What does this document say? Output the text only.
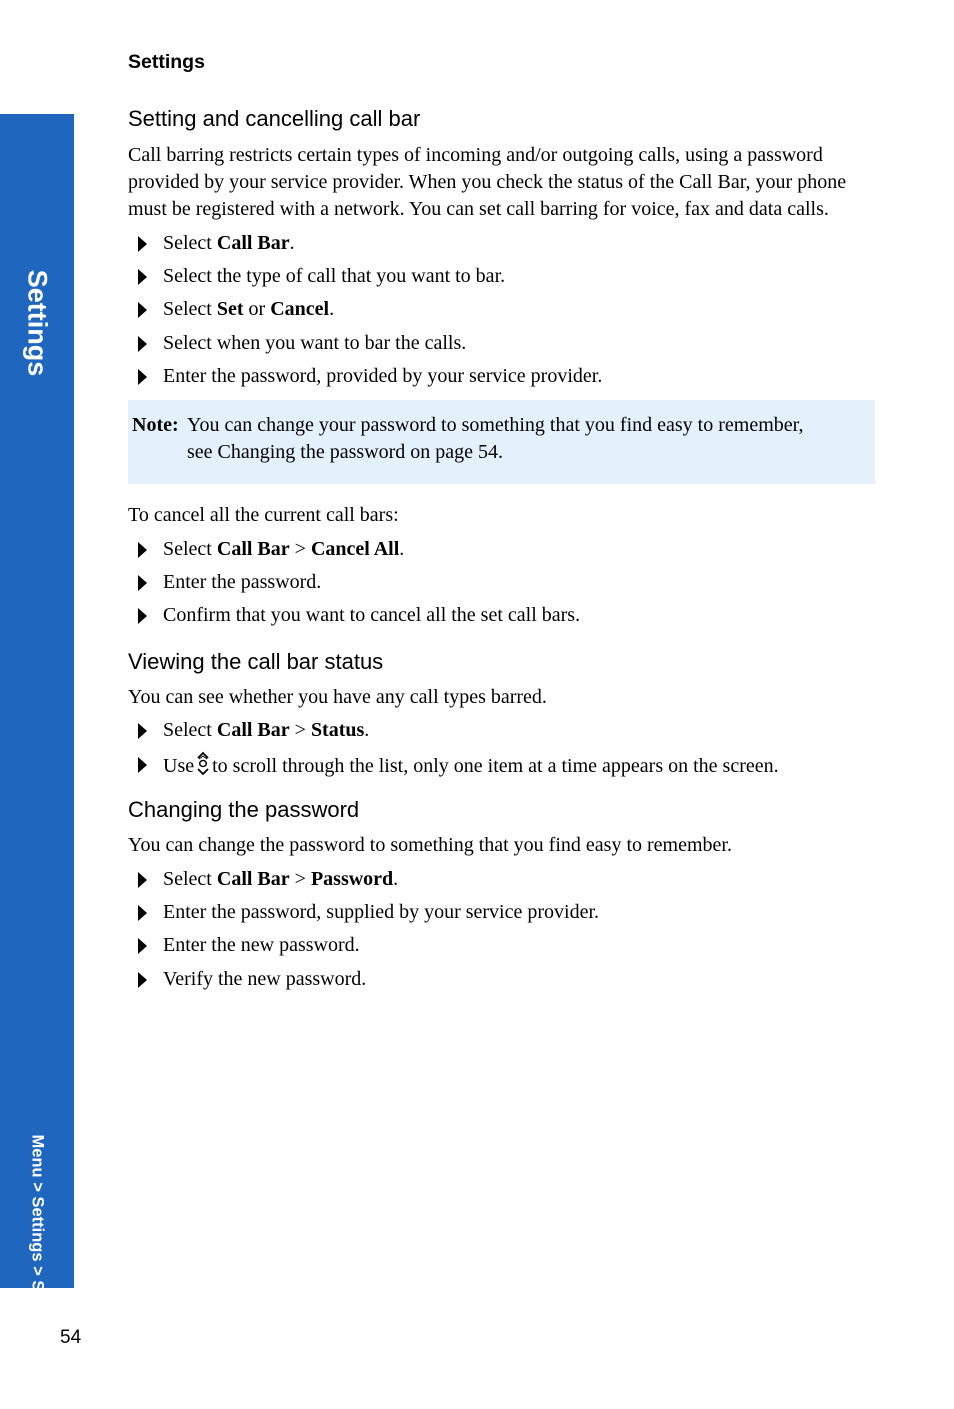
Settings
Menu > Settings > Security
Settings
Setting and cancelling call bar
Call barring restricts certain types of incoming and/or outgoing calls, using a password
provided by your service provider. When you check the status of the Call Bar, your phone
must be registered with a network. You can set call barring for voice, fax and data calls.
Select Call Bar.
Select the type of call that you want to bar.
Select Set or Cancel.
Select when you want to bar the calls.
Enter the password, provided by your service provider.
Note: You can change your password to something that you find easy to remember,
see Changing the password on page 54.
To cancel all the current call bars:
Select Call Bar > Cancel All.
Enter the password.
Confirm that you want to cancel all the set call bars.
Viewing the call bar status
You can see whether you have any call types barred.
Select Call Bar > Status.
Use to scroll through the list, only one item at a time appears on the screen.
Changing the password
You can change the password to something that you find easy to remember.
Select Call Bar > Password.
Enter the password, supplied by your service provider.
Enter the new password.
Verify the new password.
54
